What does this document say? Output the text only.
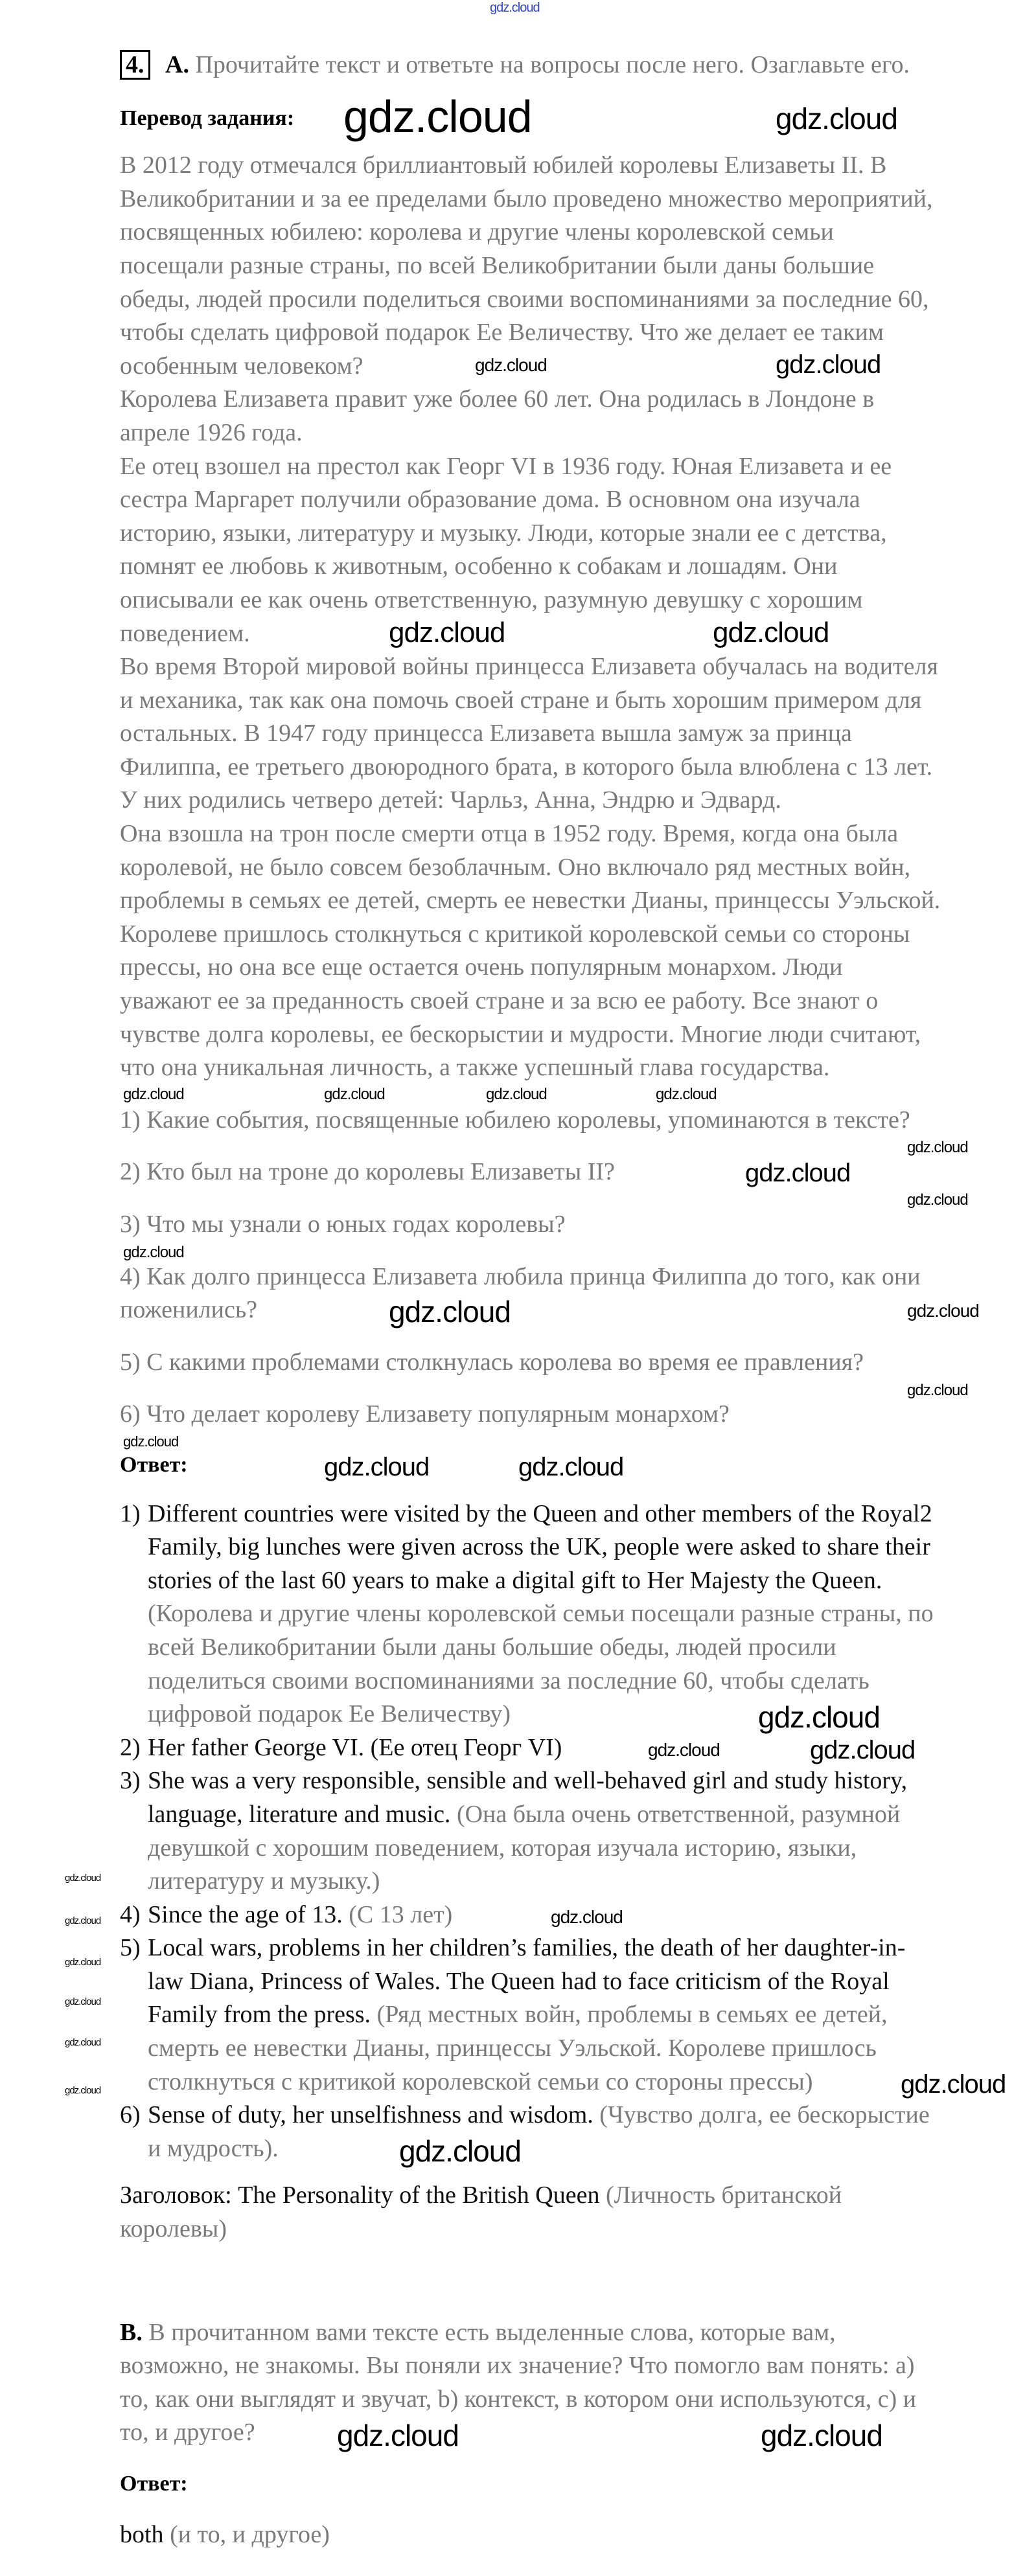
gdz.cloud
gdz.cloud	gdz.cloud
gdz.cloud
gdz.cloud
gdz.cloud	gdz.cloud
gdz.cloud	gdz.cloud
gdz.cloud
gdz.cloud
gdz.cloud
gdz.cloud
gdz.cloud
gdz.cloud
gdz.cloud	gdz.cloud
gdz.cloud
gdz.cloud
gdz.cloud	gdz.cloud
gdz.cloud
gdz.cloud	gdz.cloud
gdz.cloud
gdz.cloud
gdz.cloud
gdz.cloud
gdz.cloud
gdz.cloud
gdz.cloud
gdz.cloud
gdz.cloud
gdz.cloud	gdz.cloud
4. A. Прочитайте текст и ответьте на вопросы после него. Озаглавьте его.
Перевод задания:
В 2012 году отмечался бриллиантовый юбилей королевы Елизаветы II. В
Великобритании и за ее пределами было проведено множество мероприятий,
посвященных юбилею: королева и другие члены королевской семьи
посещали разные страны, по всей Великобритании были даны большие
обеды, людей просили поделиться своими воспоминаниями за последние 60,
чтобы сделать цифровой подарок Ее Величеству. Что же делает ее таким
особенным человеком?
Королева Елизавета правит уже более 60 лет. Она родилась в Лондоне в
апреле 1926 года.
Ее отец взошел на престол как Георг VI в 1936 году. Юная Елизавета и ее
сестра Маргарет получили образование дома. В основном она изучала
историю, языки, литературу и музыку. Люди, которые знали ее с детства,
помнят ее любовь к животным, особенно к собакам и лошадям. Они
описывали ее как очень ответственную, разумную девушку с хорошим
поведением.
Во время Второй мировой войны принцесса Елизавета обучалась на водителя
и механика, так как она помочь своей стране и быть хорошим примером для
остальных. В 1947 году принцесса Елизавета вышла замуж за принца
Филиппа, ее третьего двоюродного брата, в которого была влюблена с 13 лет.
У них родились четверо детей: Чарльз, Анна, Эндрю и Эдвард.
Она взошла на трон после смерти отца в 1952 году. Время, когда она была
королевой, не было совсем безоблачным. Оно включало ряд местных войн,
проблемы в семьях ее детей, смерть ее невестки Дианы, принцессы Уэльской.
Королеве пришлось столкнуться с критикой королевской семьи со стороны
прессы, но она все еще остается очень популярным монархом. Люди
уважают ее за преданность своей стране и за всю ее работу. Все знают о
чувстве долга королевы, ее бескорыстии и мудрости. Многие люди считают,
что она уникальная личность, а также успешный глава государства.
1) Какие события, посвященные юбилею королевы, упоминаются в тексте?
2) Кто был на троне до королевы Елизаветы II?
3) Что мы узнали о юных годах королевы?
4) Как долго принцесса Елизавета любила принца Филиппа до того, как они
поженились?
5) С какими проблемами столкнулась королева во время ее правления?
6) Что делает королеву Елизавету популярным монархом?
Ответ:
1) Different countries were visited by the Queen and other members of the Royal2
Family, big lunches were given across the UK, people were asked to share their
stories of the last 60 years to make a digital gift to Her Majesty the Queen.
(Королева и другие члены королевской семьи посещали разные страны, по
всей Великобритании были даны большие обеды, людей просили
поделиться своими воспоминаниями за последние 60, чтобы сделать
цифровой подарок Ее Величеству)
2) Her father George VI. (Ее отец Георг VI)
3) She was a very responsible, sensible and well-behaved girl and study history,
language, literature and music. (Она была очень ответственной, разумной
девушкой с хорошим поведением, которая изучала историю, языки,
литературу и музыку.)
4) Since the age of 13. (С 13 лет)
5) Local wars, problems in her children’s families, the death of her daughter-in-
law Diana, Princess of Wales. The Queen had to face criticism of the Royal
Family from the press. (Ряд местных войн, проблемы в семьях ее детей,
смерть ее невестки Дианы, принцессы Уэльской. Королеве пришлось
столкнуться с критикой королевской семьи со стороны прессы)
6) Sense of duty, her unselfishness and wisdom. (Чувство долга, ее бескорыстие
и мудрость).
Заголовок: The Personality of the British Queen (Личность британской
королевы)
B. В прочитанном вами тексте есть выделенные слова, которые вам,
возможно, не знакомы. Вы поняли их значение? Что помогло вам понять: a)
то, как они выглядят и звучат, b) контекст, в котором они используются, c) и
то, и другое?
Ответ:
both (и то, и другое)
